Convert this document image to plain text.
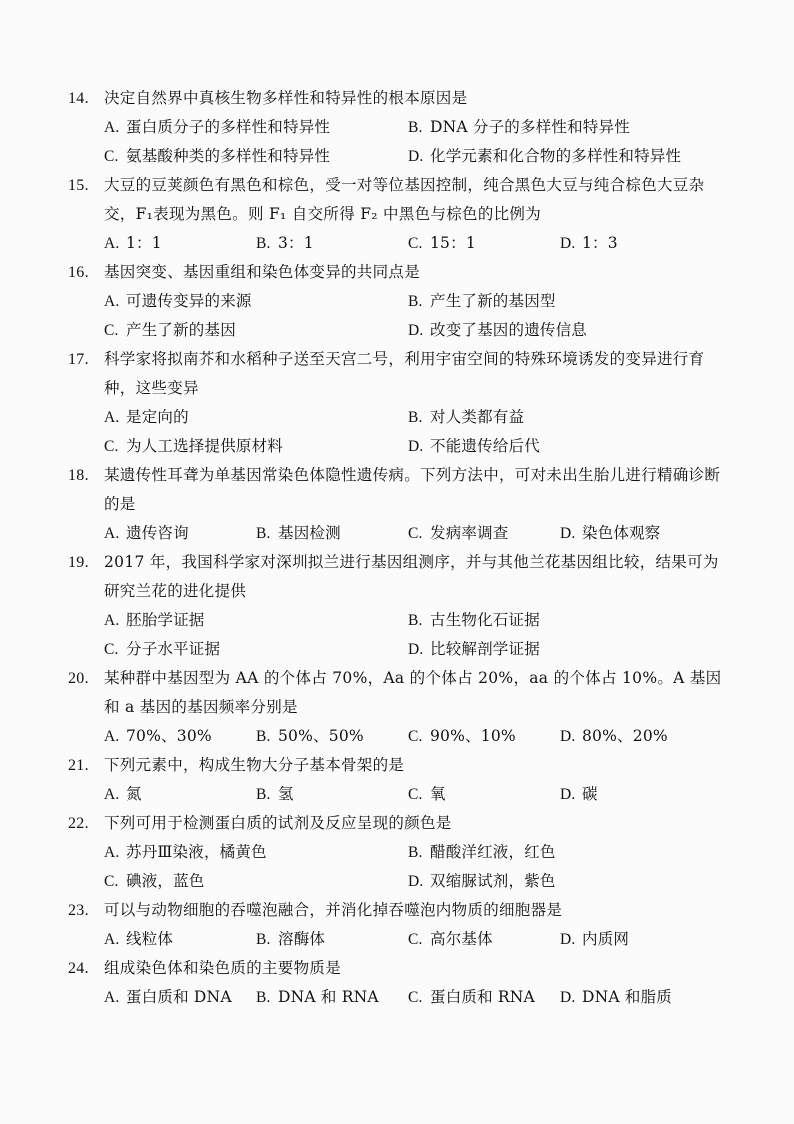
14. 决定自然界中真核生物多样性和特异性的根本原因是
A. 蛋白质分子的多样性和特异性	B. DNA 分子的多样性和特异性
C. 氨基酸种类的多样性和特异性	D. 化学元素和化合物的多样性和特异性
15. 大豆的豆荚颜色有黑色和棕色，受一对等位基因控制，纯合黑色大豆与纯合棕色大豆杂交，F₁表现为黑色。则 F₁ 自交所得 F₂ 中黑色与棕色的比例为
A. 1：1	B. 3：1	C. 15：1	D. 1：3
16. 基因突变、基因重组和染色体变异的共同点是
A. 可遗传变异的来源	B. 产生了新的基因型
C. 产生了新的基因	D. 改变了基因的遗传信息
17. 科学家将拟南芥和水稻种子送至天宫二号，利用宇宙空间的特殊环境诱发的变异进行育种，这些变异
A. 是定向的	B. 对人类都有益
C. 为人工选择提供原材料	D. 不能遗传给后代
18. 某遗传性耳聋为单基因常染色体隐性遗传病。下列方法中，可对未出生胎儿进行精确诊断的是
A. 遗传咨询	B. 基因检测	C. 发病率调查	D. 染色体观察
19. 2017 年，我国科学家对深圳拟兰进行基因组测序，并与其他兰花基因组比较，结果可为研究兰花的进化提供
A. 胚胎学证据	B. 古生物化石证据
C. 分子水平证据	D. 比较解剖学证据
20. 某种群中基因型为 AA 的个体占 70%，Aa 的个体占 20%，aa 的个体占 10%。A 基因和 a 基因的基因频率分别是
A. 70%、30%	B. 50%、50%	C. 90%、10%	D. 80%、20%
21. 下列元素中，构成生物大分子基本骨架的是
A. 氮	B. 氢	C. 氧	D. 碳
22. 下列可用于检测蛋白质的试剂及反应呈现的颜色是
A. 苏丹Ⅲ染液，橘黄色	B. 醋酸洋红液，红色
C. 碘液，蓝色	D. 双缩脲试剂，紫色
23. 可以与动物细胞的吞噬泡融合，并消化掉吞噬泡内物质的细胞器是
A. 线粒体	B. 溶酶体	C. 高尔基体	D. 内质网
24. 组成染色体和染色质的主要物质是
A. 蛋白质和 DNA	B. DNA 和 RNA	C. 蛋白质和 RNA	D. DNA 和脂质
